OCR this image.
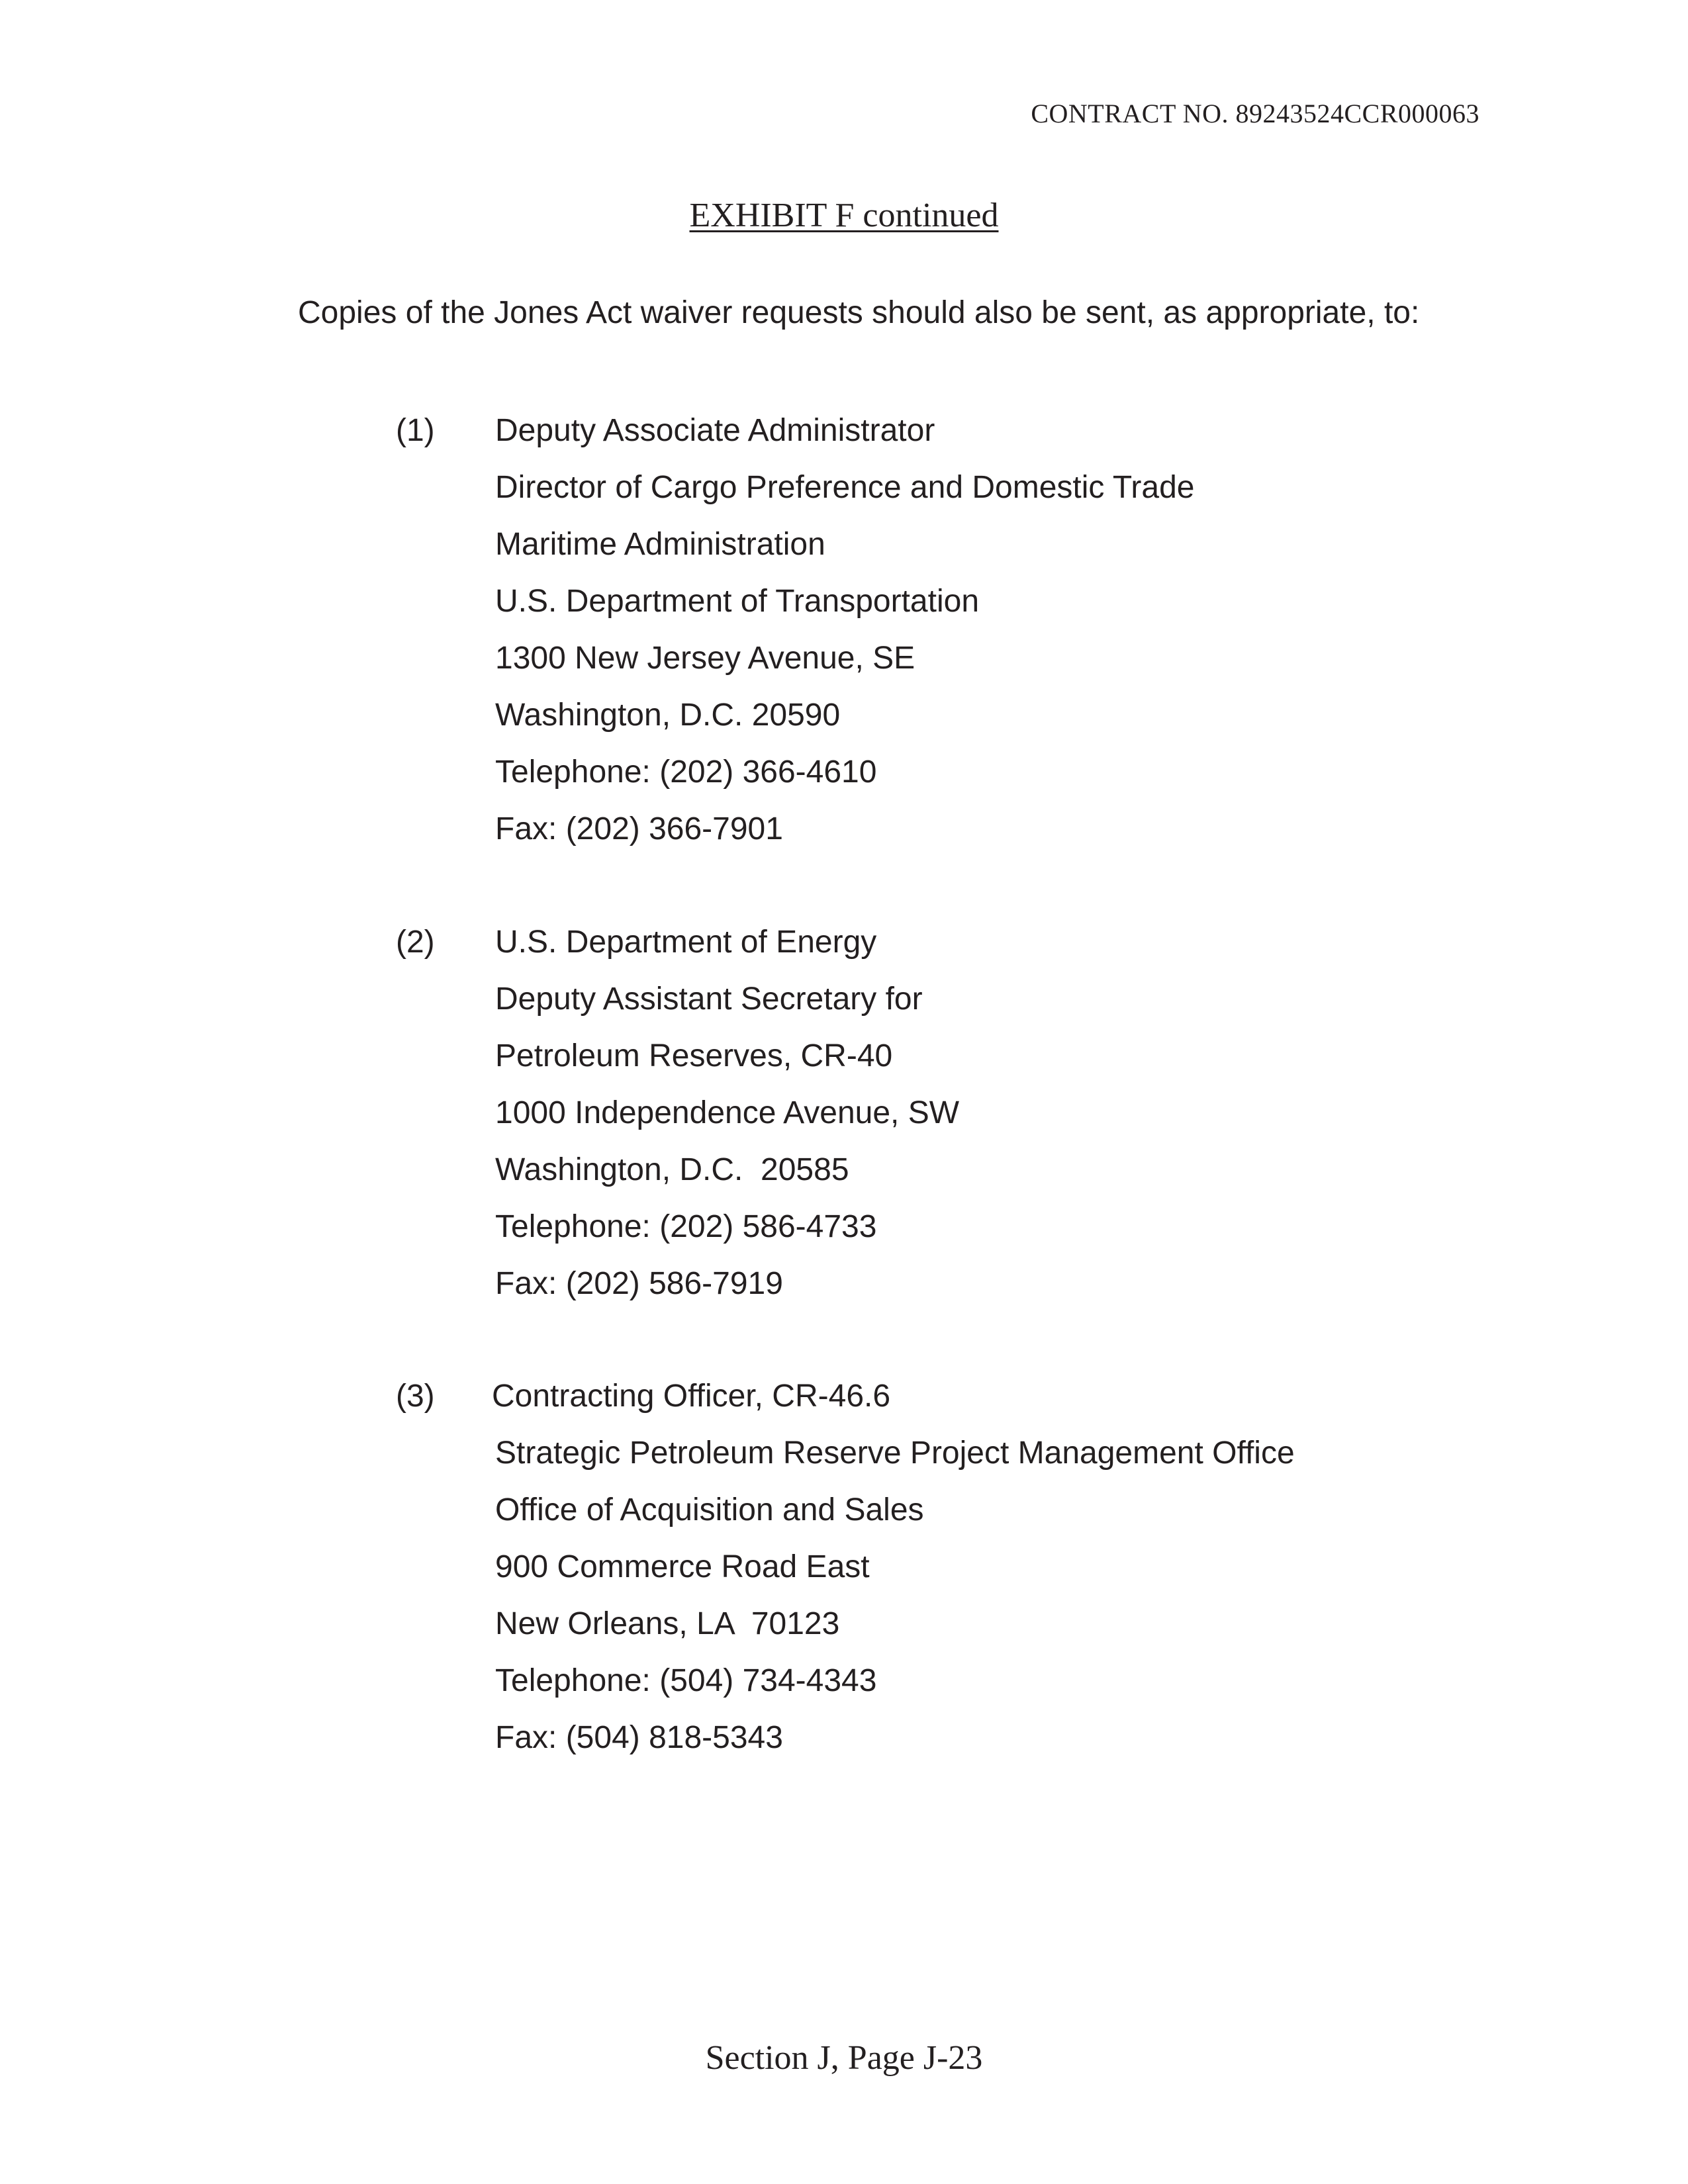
CONTRACT NO. 89243524CCR000063
EXHIBIT F continued
Copies of the Jones Act waiver requests should also be sent, as appropriate, to:
(1) Deputy Associate Administrator
Director of Cargo Preference and Domestic Trade
Maritime Administration
U.S. Department of Transportation
1300 New Jersey Avenue, SE
Washington, D.C. 20590
Telephone: (202) 366-4610
Fax: (202) 366-7901
(2) U.S. Department of Energy
Deputy Assistant Secretary for
Petroleum Reserves, CR-40
1000 Independence Avenue, SW
Washington, D.C.  20585
Telephone: (202) 586-4733
Fax: (202) 586-7919
(3) Contracting Officer, CR-46.6
Strategic Petroleum Reserve Project Management Office
Office of Acquisition and Sales
900 Commerce Road East
New Orleans, LA  70123
Telephone: (504) 734-4343
Fax: (504) 818-5343
Section J, Page J-23
